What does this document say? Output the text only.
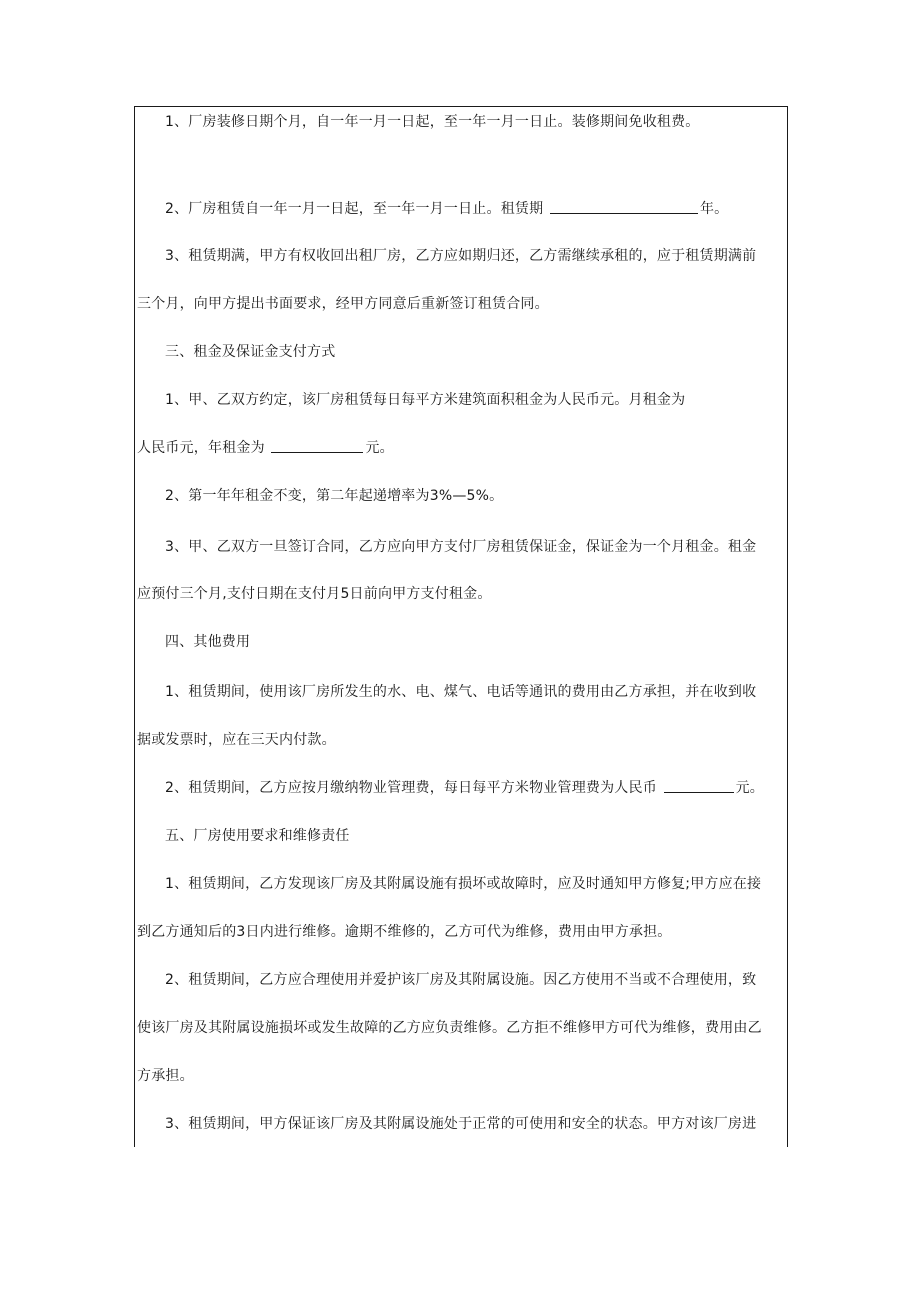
1、厂房装修日期个月，自一年一月一日起，至一年一月一日止。装修期间免收租费。
2、厂房租赁自一年一月一日起，至一年一月一日止。租赁期	年。
3、租赁期满，甲方有权收回出租厂房，乙方应如期归还，乙方需继续承租的，应于租赁期满前
三个月，向甲方提出书面要求，经甲方同意后重新签订租赁合同。
三、租金及保证金支付方式
1、甲、乙双方约定，该厂房租赁每日每平方米建筑面积租金为人民币元。月租金为
人民币元，年租金为	元。
2、第一年年租金不变，第二年起递增率为3%—5%。
3、甲、乙双方一旦签订合同，乙方应向甲方支付厂房租赁保证金，保证金为一个月租金。租金
应预付三个月,支付日期在支付月5日前向甲方支付租金。
四、其他费用
1、租赁期间，使用该厂房所发生的水、电、煤气、电话等通讯的费用由乙方承担，并在收到收
据或发票时，应在三天内付款。
2、租赁期间，乙方应按月缴纳物业管理费，每日每平方米物业管理费为人民币	元。
五、厂房使用要求和维修责任
1、租赁期间，乙方发现该厂房及其附属设施有损坏或故障时，应及时通知甲方修复;甲方应在接
到乙方通知后的3日内进行维修。逾期不维修的，乙方可代为维修，费用由甲方承担。
2、租赁期间，乙方应合理使用并爱护该厂房及其附属设施。因乙方使用不当或不合理使用，致
使该厂房及其附属设施损坏或发生故障的乙方应负责维修。乙方拒不维修甲方可代为维修，费用由乙
方承担。
3、租赁期间，甲方保证该厂房及其附属设施处于正常的可使用和安全的状态。甲方对该厂房进
